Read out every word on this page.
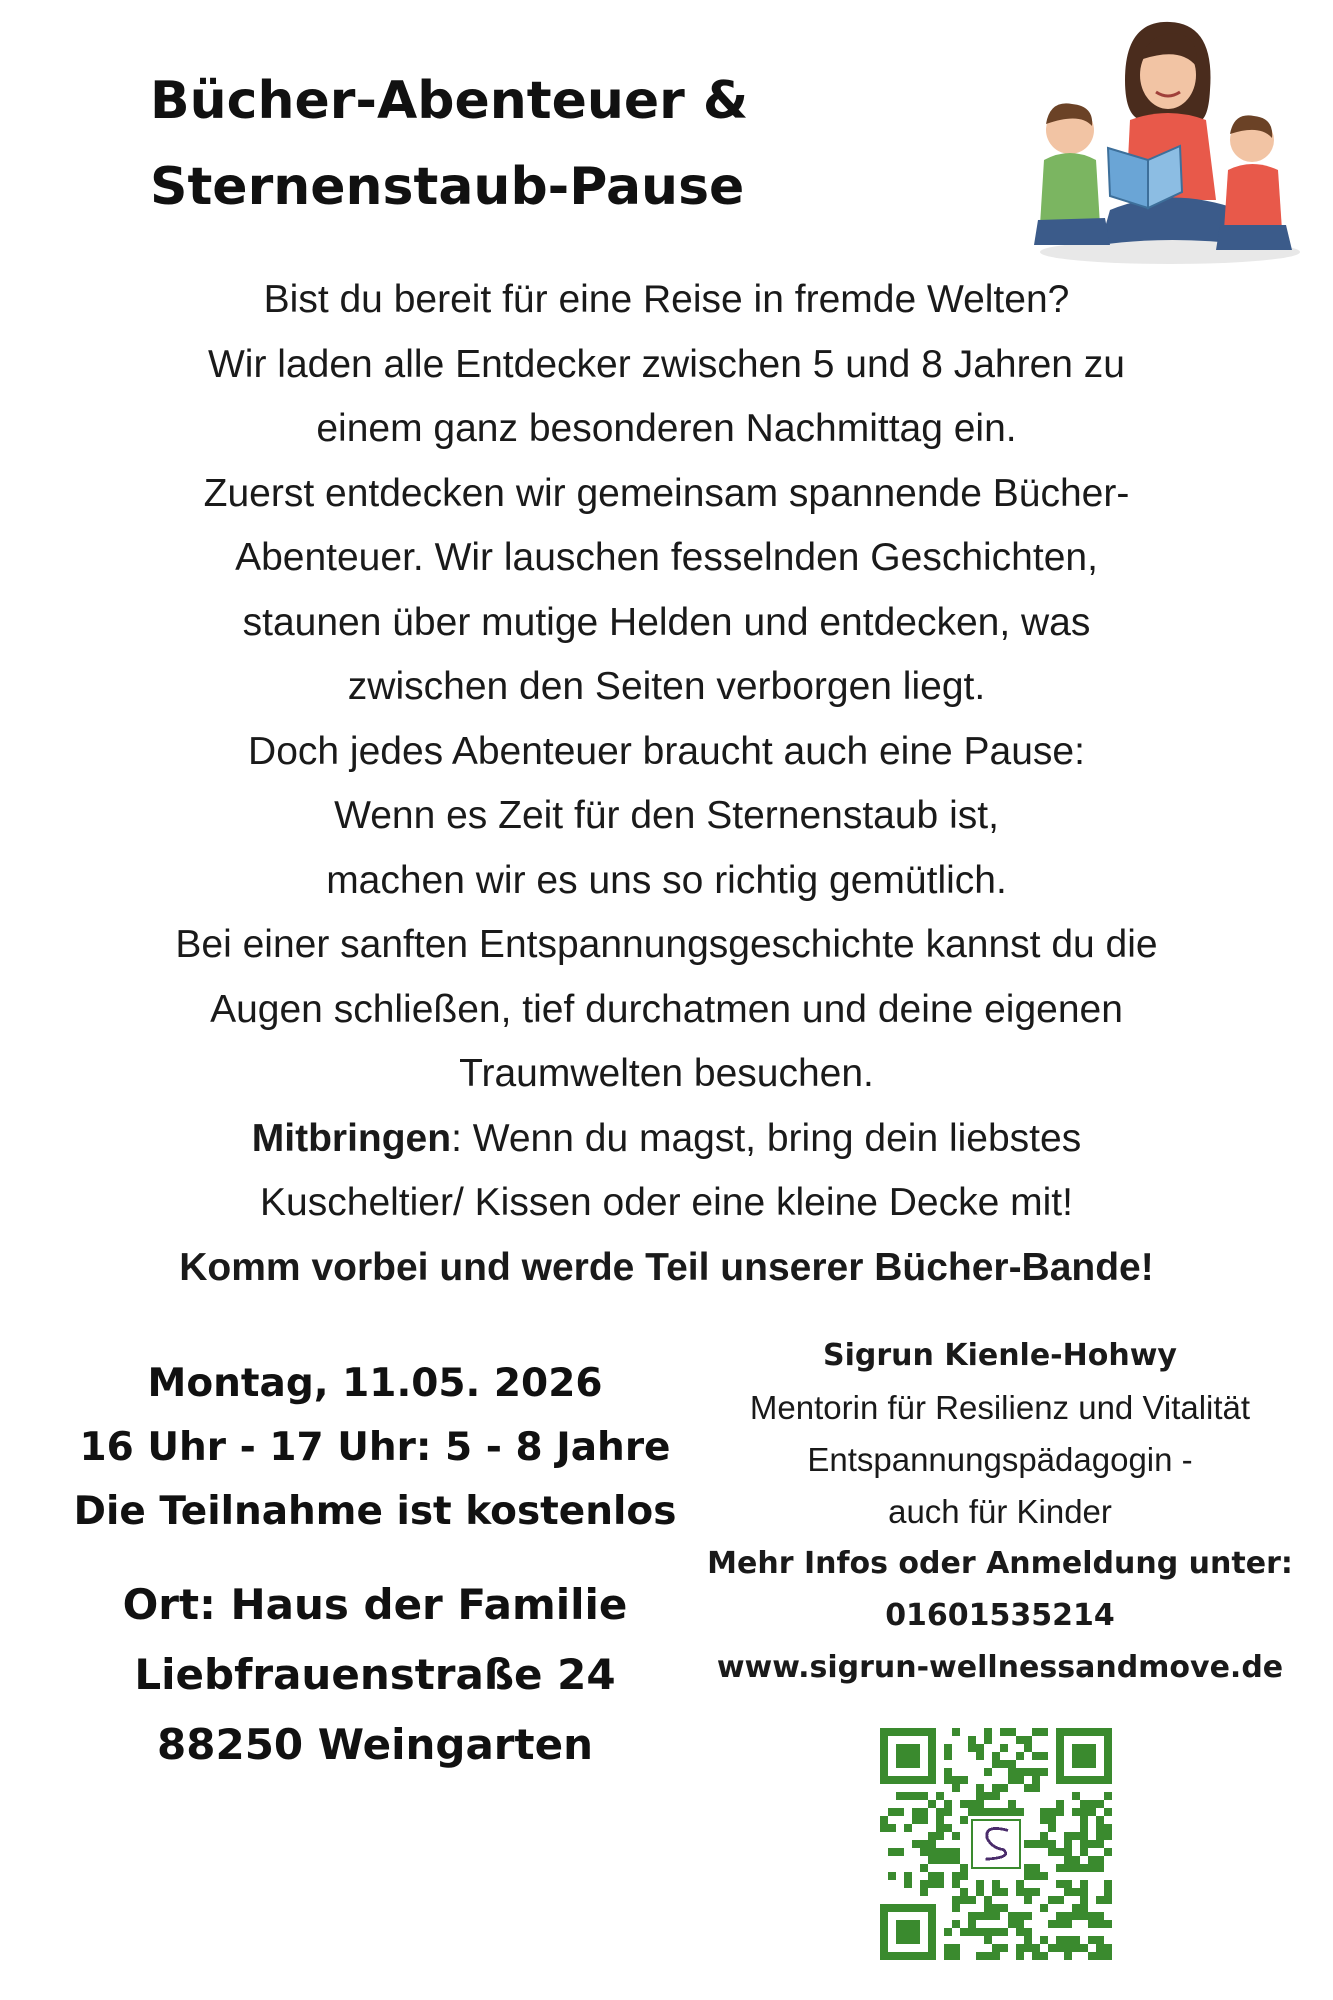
Bücher-Abenteuer &
Sternenstaub-Pause

Bist du bereit für eine Reise in fremde Welten?

Wir laden alle Entdecker zwischen 5 und 8 Jahren zu

einem ganz besonderen Nachmittag ein.

Zuerst entdecken wir gemeinsam spannende Bücher-

Abenteuer. Wir lauschen fesselnden Geschichten,

staunen über mutige Helden und entdecken, was

zwischen den Seiten verborgen liegt.

Doch jedes Abenteuer braucht auch eine Pause:

Wenn es Zeit für den Sternenstaub ist,

machen wir es uns so richtig gemütlich.

Bei einer sanften Entspannungsgeschichte kannst du die

Augen schließen, tief durchatmen und deine eigenen

Traumwelten besuchen.

Mitbringen: Wenn du magst, bring dein liebstes

Kuscheltier/ Kissen oder eine kleine Decke mit!

Komm vorbei und werde Teil unserer Bücher-Bande!

Montag, 11.05. 2026
16 Uhr - 17 Uhr: 5 - 8 Jahre
Die Teilnahme ist kostenlos
Ort: Haus der Familie
Liebfrauenstraße 24
88250 Weingarten
Sigrun Kienle-Hohwy
Mentorin für Resilienz und Vitalität
Entspannungspädagogin -
auch für Kinder
Mehr Infos oder Anmeldung unter:
01601535214
www.sigrun-wellnessandmove.de
